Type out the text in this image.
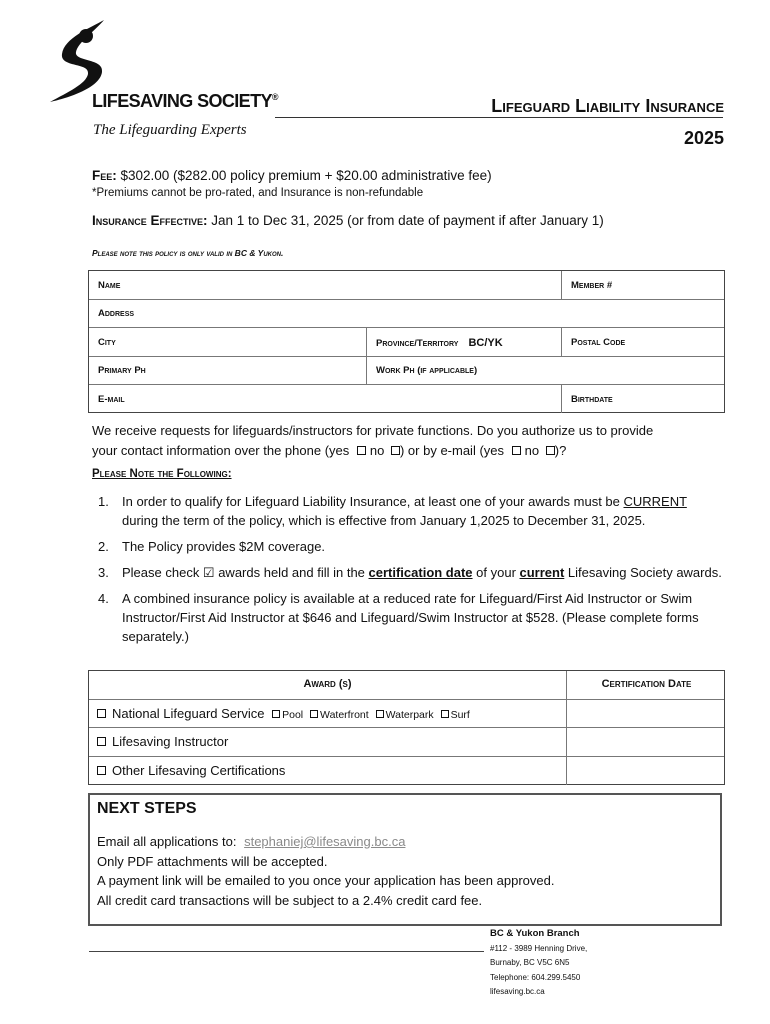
LIFESAVING SOCIETY®
The Lifeguarding Experts
Lifeguard Liability Insurance
2025
Fee: $302.00 ($282.00 policy premium + $20.00 administrative fee)
*Premiums cannot be pro-rated, and Insurance is non-refundable
Insurance Effective: Jan 1 to Dec 31, 2025 (or from date of payment if after January 1)
Please note this policy is only valid in BC & Yukon.
Name	Member #
Address
City	Province/Territory BC/YK	Postal Code
Primary Ph	Work Ph (if applicable)
E-mail	Birthdate
We receive requests for lifeguards/instructors for private functions. Do you authorize us to provide
your contact information over the phone (yes no ) or by e-mail (yes no )?
Please Note the Following:
1. In order to qualify for Lifeguard Liability Insurance, at least one of your awards must be CURRENT during the term of the policy, which is effective from January 1,2025 to December 31, 2025.
2. The Policy provides $2M coverage.
3. Please check ☑ awards held and fill in the certification date of your current Lifesaving Society awards.
4. A combined insurance policy is available at a reduced rate for Lifeguard/First Aid Instructor or Swim Instructor/First Aid Instructor at $646 and Lifeguard/Swim Instructor at $528. (Please complete forms separately.)
Award (s)	Certification Date
National Lifeguard Service Pool Waterfront Waterpark Surf
Lifesaving Instructor
Other Lifesaving Certifications
NEXT STEPS
Email all applications to: stephaniej@lifesaving.bc.ca
Only PDF attachments will be accepted.
A payment link will be emailed to you once your application has been approved.
All credit card transactions will be subject to a 2.4% credit card fee.
BC & Yukon Branch
#112 - 3989 Henning Drive,
Burnaby, BC V5C 6N5
Telephone: 604.299.5450
lifesaving.bc.ca
